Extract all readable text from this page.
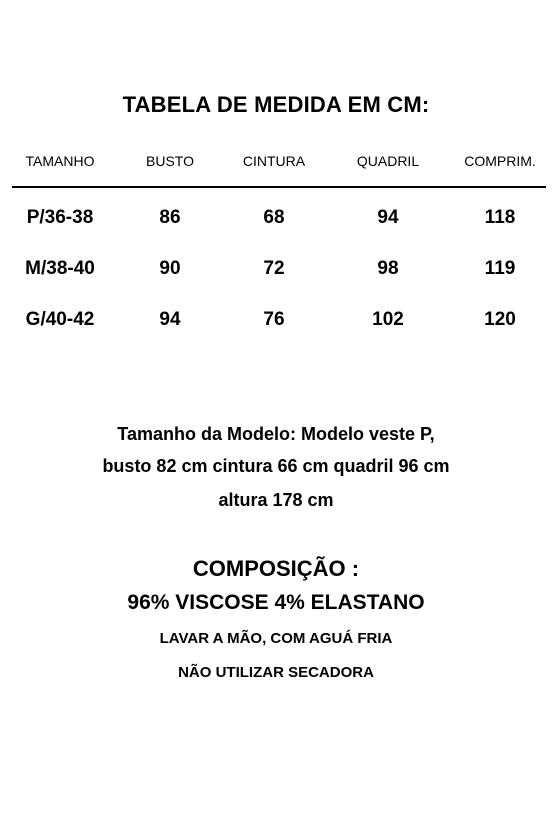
TABELA DE MEDIDA EM CM:
TAMANHO	BUSTO	CINTURA	QUADRIL	COMPRIM.
P/36-38	86	68	94	118
M/38-40	90	72	98	119
G/40-42	94	76	102	120
Tamanho da Modelo: Modelo veste P,
busto 82 cm cintura 66 cm quadril 96 cm
altura 178 cm
COMPOSIÇÃO :
96% VISCOSE 4% ELASTANO
LAVAR A MÃO, COM AGUÁ FRIA
NÃO UTILIZAR SECADORA
